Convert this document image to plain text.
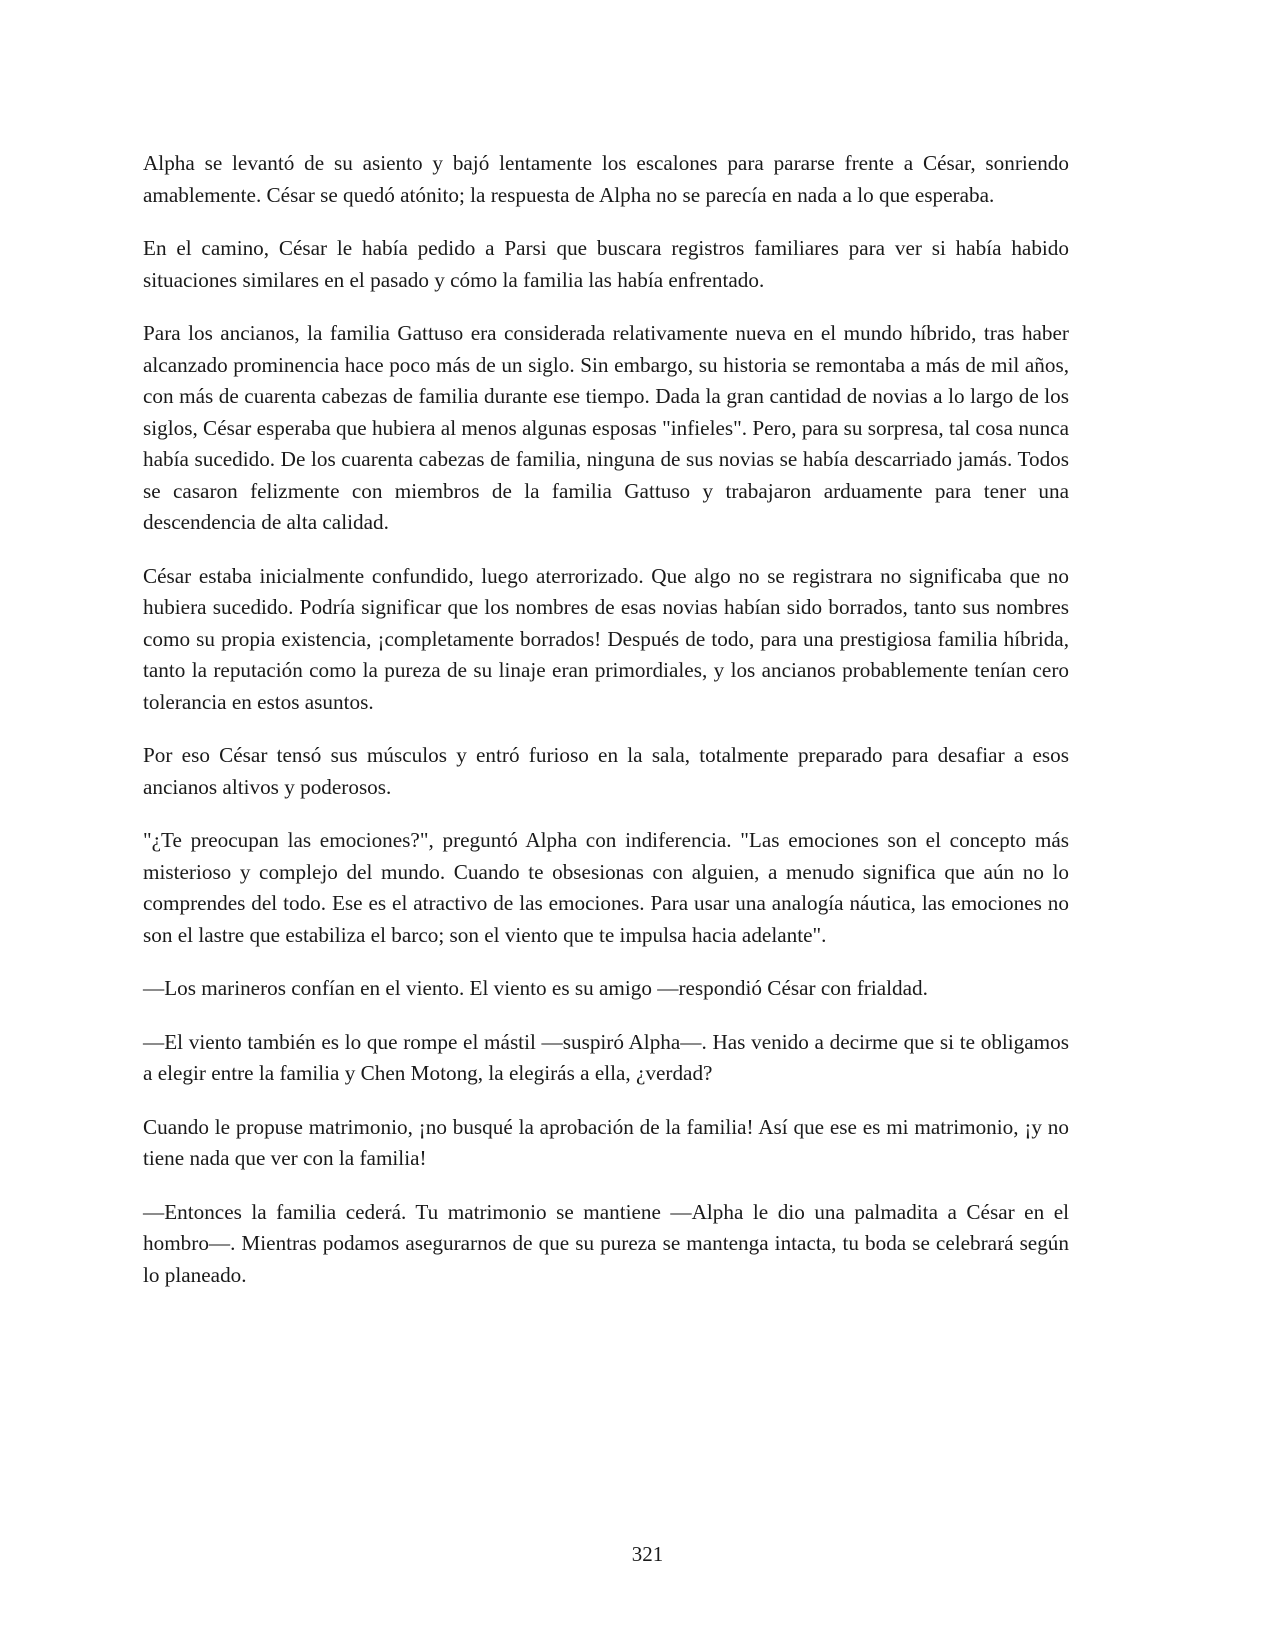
Alpha se levantó de su asiento y bajó lentamente los escalones para pararse frente a César, sonriendo amablemente. César se quedó atónito; la respuesta de Alpha no se parecía en nada a lo que esperaba.

En el camino, César le había pedido a Parsi que buscara registros familiares para ver si había habido situaciones similares en el pasado y cómo la familia las había enfrentado.

Para los ancianos, la familia Gattuso era considerada relativamente nueva en el mundo híbrido, tras haber alcanzado prominencia hace poco más de un siglo. Sin embargo, su historia se remontaba a más de mil años, con más de cuarenta cabezas de familia durante ese tiempo. Dada la gran cantidad de novias a lo largo de los siglos, César esperaba que hubiera al menos algunas esposas "infieles". Pero, para su sorpresa, tal cosa nunca había sucedido. De los cuarenta cabezas de familia, ninguna de sus novias se había descarriado jamás. Todos se casaron felizmente con miembros de la familia Gattuso y trabajaron arduamente para tener una descendencia de alta calidad.

César estaba inicialmente confundido, luego aterrorizado. Que algo no se registrara no significaba que no hubiera sucedido. Podría significar que los nombres de esas novias habían sido borrados, tanto sus nombres como su propia existencia, ¡completamente borrados! Después de todo, para una prestigiosa familia híbrida, tanto la reputación como la pureza de su linaje eran primordiales, y los ancianos probablemente tenían cero tolerancia en estos asuntos.

Por eso César tensó sus músculos y entró furioso en la sala, totalmente preparado para desafiar a esos ancianos altivos y poderosos.

"¿Te preocupan las emociones?", preguntó Alpha con indiferencia. "Las emociones son el concepto más misterioso y complejo del mundo. Cuando te obsesionas con alguien, a menudo significa que aún no lo comprendes del todo. Ese es el atractivo de las emociones. Para usar una analogía náutica, las emociones no son el lastre que estabiliza el barco; son el viento que te impulsa hacia adelante".

—Los marineros confían en el viento. El viento es su amigo —respondió César con frialdad.

—El viento también es lo que rompe el mástil —suspiró Alpha—. Has venido a decirme que si te obligamos a elegir entre la familia y Chen Motong, la elegirás a ella, ¿verdad?

Cuando le propuse matrimonio, ¡no busqué la aprobación de la familia! Así que ese es mi matrimonio, ¡y no tiene nada que ver con la familia!

—Entonces la familia cederá. Tu matrimonio se mantiene —Alpha le dio una palmadita a César en el hombro—. Mientras podamos asegurarnos de que su pureza se mantenga intacta, tu boda se celebrará según lo planeado.

321
